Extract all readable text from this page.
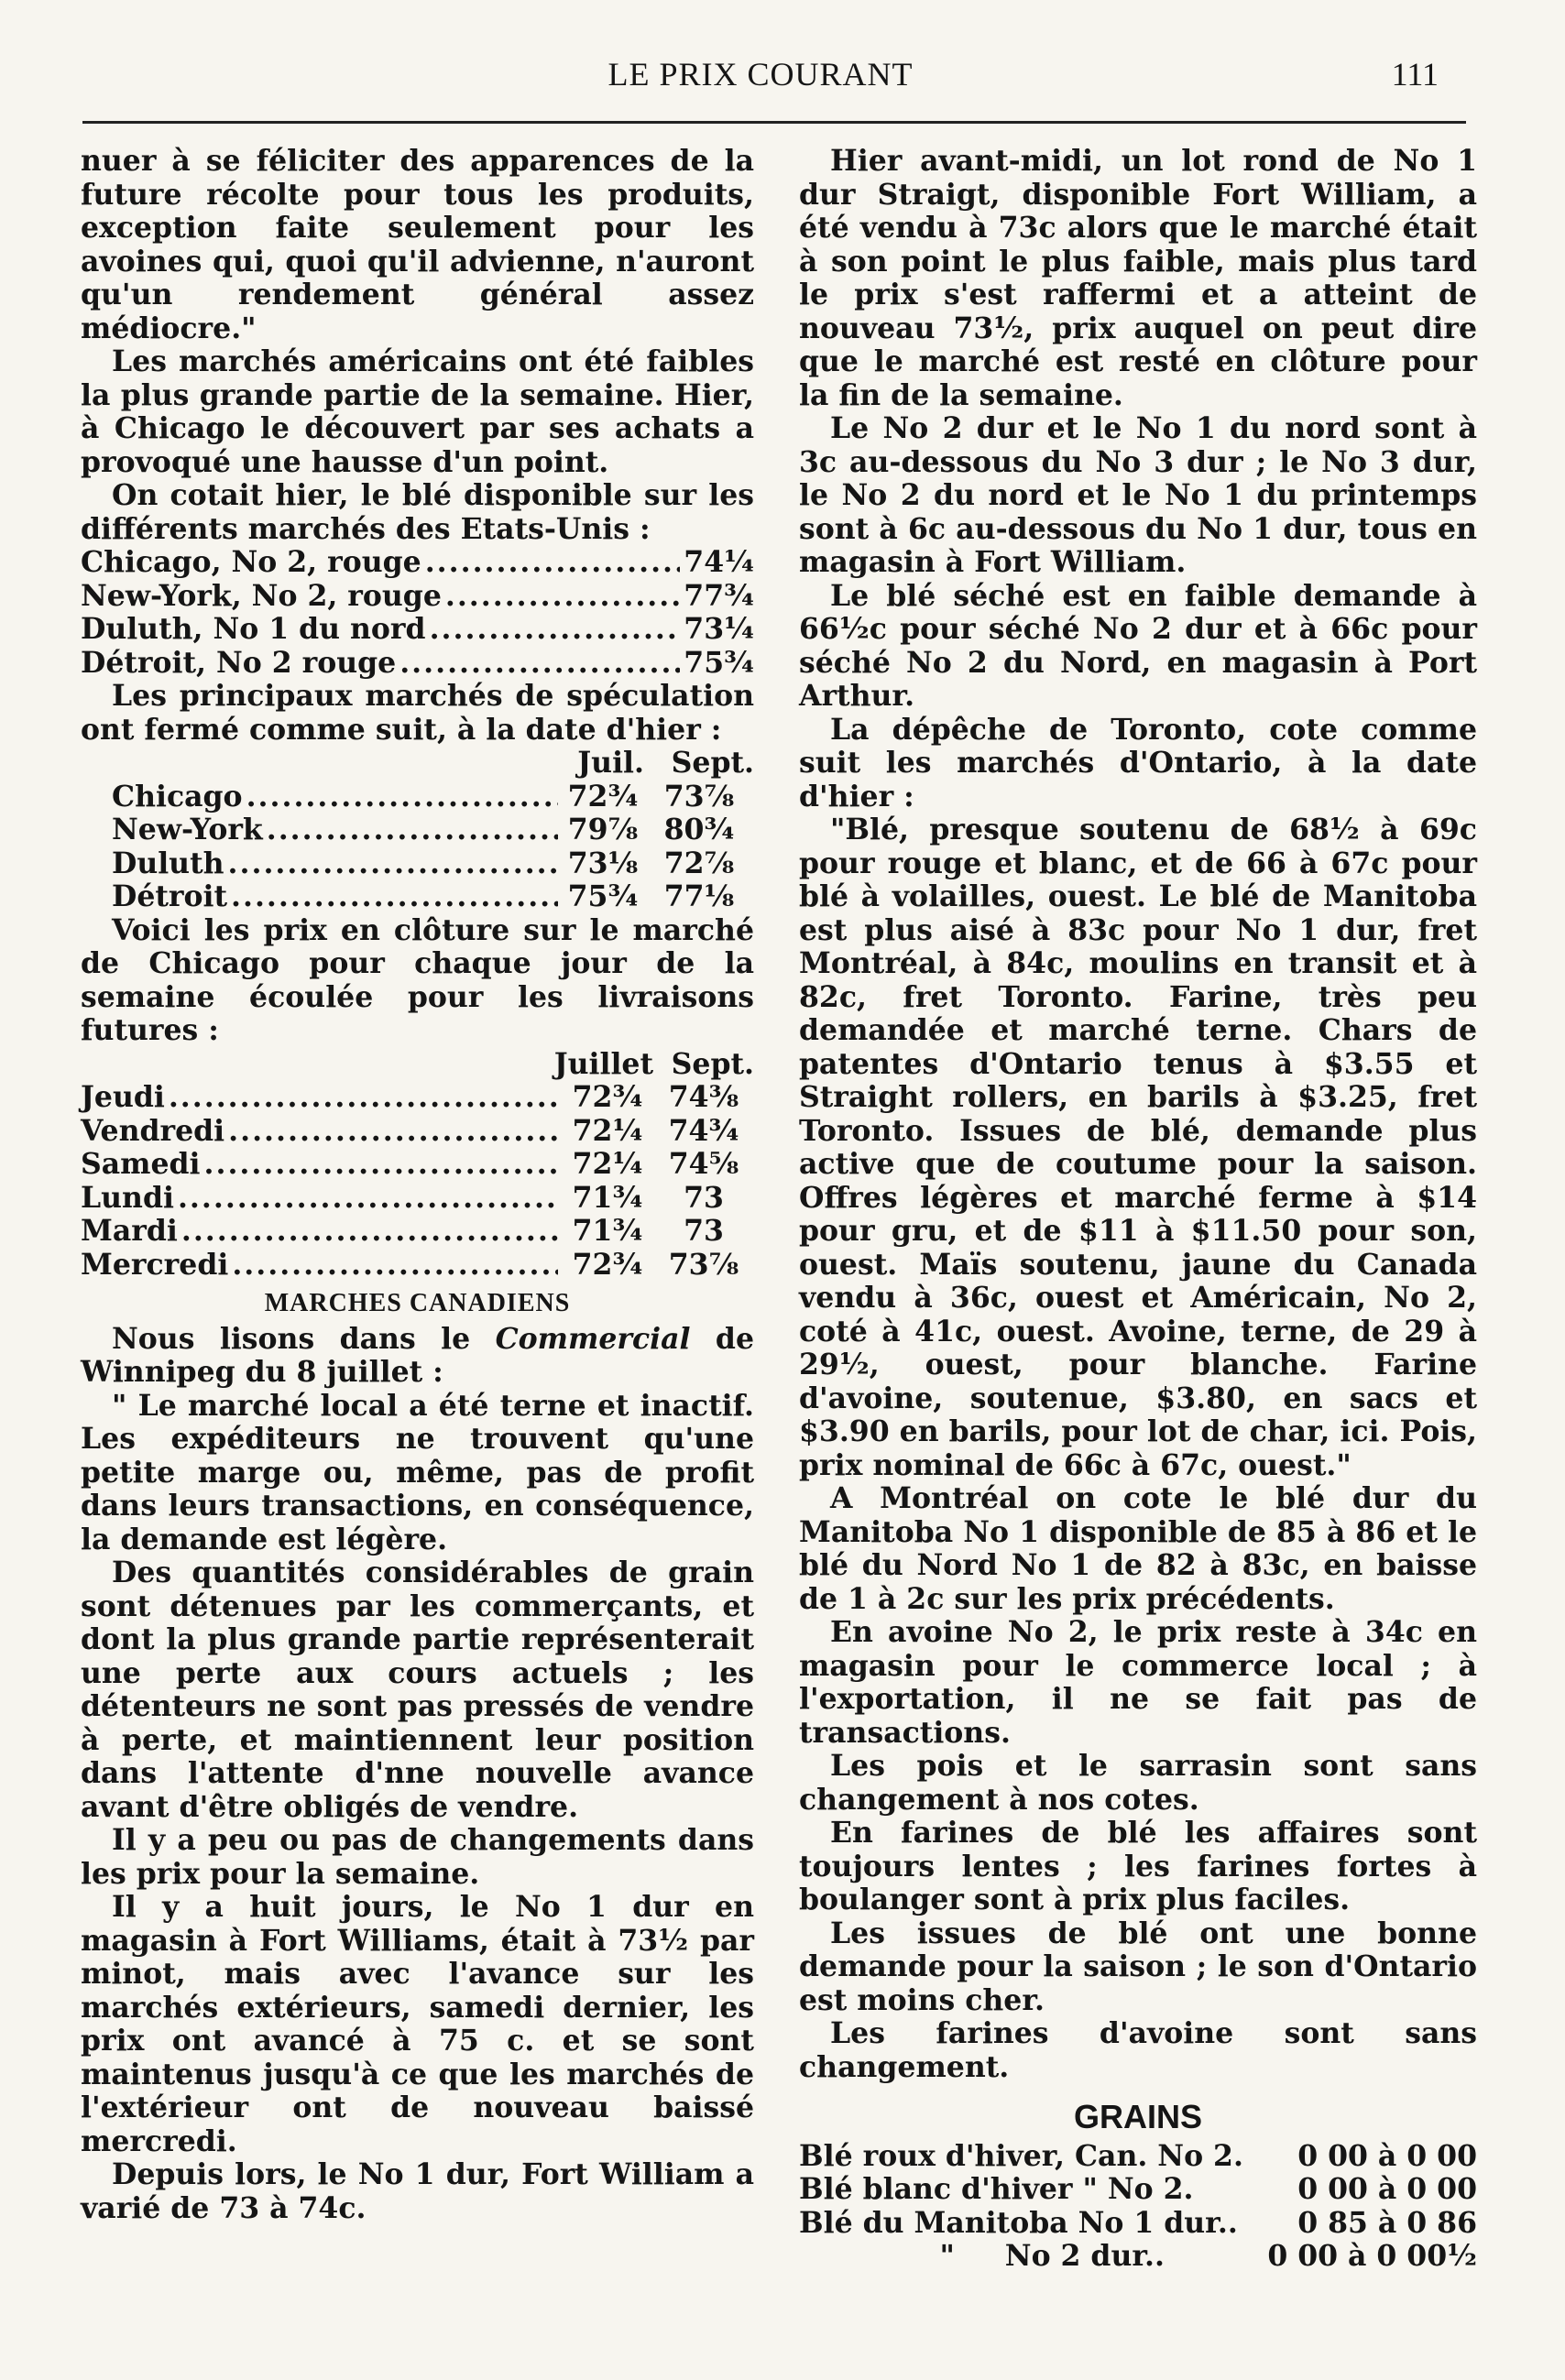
LE PRIX COURANT	111

nuer à se féliciter des apparences de la future récolte pour tous les produits, exception faite seulement pour les avoines qui, quoi qu'il advienne, n'auront qu'un rendement général assez médiocre."

Les marchés américains ont été faibles la plus grande partie de la semaine. Hier, à Chicago le découvert par ses achats a provoqué une hausse d'un point.

On cotait hier, le blé disponible sur les différents marchés des Etats-Unis :

Chicago, No 2, rouge .....	74¼
New-York, No 2, rouge .....	77¾
Duluth, No 1 du nord .....	73¼
Détroit, No 2 rouge .....	75¾

Les principaux marchés de spéculation ont fermé comme suit, à la date d'hier :

Juil. Sept.
Chicago .....	72¾ 73⅞
New-York .....	79⅞ 80¾
Duluth .....	73⅛ 72⅞
Détroit .....	75¾ 77⅛

Voici les prix en clôture sur le marché de Chicago pour chaque jour de la semaine écoulée pour les livraisons futures :

Juillet Sept.
Jeudi .....	72¾ 74⅜
Vendredi .....	72¼ 74¾
Samedi .....	72¼ 74⅝
Lundi .....	71¾	73
Mardi .....	71¾	73
Mercredi .....	72¾ 73⅞
MARCHES CANADIENS

Nous lisons dans le Commercial de Winnipeg du 8 juillet :

" Le marché local a été terne et inactif. Les expéditeurs ne trouvent qu'une petite marge ou, même, pas de profit dans leurs transactions, en conséquence, la demande est légère.

Des quantités considérables de grain sont détenues par les commerçants, et dont la plus grande partie représenterait une perte aux cours actuels ; les détenteurs ne sont pas pressés de vendre à perte, et maintiennent leur position dans l'attente d'nne nouvelle avance avant d'être obligés de vendre.

Il y a peu ou pas de changements dans les prix pour la semaine.

Il y a huit jours, le No 1 dur en magasin à Fort Williams, était à 73½ par minot, mais avec l'avance sur les marchés extérieurs, samedi dernier, les prix ont avancé à 75 c. et se sont maintenus jusqu'à ce que les marchés de l'extérieur ont de nouveau baissé mercredi.

Depuis lors, le No 1 dur, Fort William a varié de 73 à 74c.

Hier avant-midi, un lot rond de No 1 dur Straigt, disponible Fort William, a été vendu à 73c alors que le marché était à son point le plus faible, mais plus tard le prix s'est raffermi et a atteint de nouveau 73½, prix auquel on peut dire que le marché est resté en clôture pour la fin de la semaine.

Le No 2 dur et le No 1 du nord sont à 3c au-dessous du No 3 dur ; le No 3 dur, le No 2 du nord et le No 1 du printemps sont à 6c au-dessous du No 1 dur, tous en magasin à Fort William.

Le blé séché est en faible demande à 66½c pour séché No 2 dur et à 66c pour séché No 2 du Nord, en magasin à Port Arthur.

La dépêche de Toronto, cote comme suit les marchés d'Ontario, à la date d'hier :

"Blé, presque soutenu de 68½ à 69c pour rouge et blanc, et de 66 à 67c pour blé à volailles, ouest. Le blé de Manitoba est plus aisé à 83c pour No 1 dur, fret Montréal, à 84c, moulins en transit et à 82c, fret Toronto. Farine, très peu demandée et marché terne. Chars de patentes d'Ontario tenus à $3.55 et Straight rollers, en barils à $3.25, fret Toronto. Issues de blé, demande plus active que de coutume pour la saison. Offres légères et marché ferme à $14 pour gru, et de $11 à $11.50 pour son, ouest. Maïs soutenu, jaune du Canada vendu à 36c, ouest et Américain, No 2, coté à 41c, ouest. Avoine, terne, de 29 à 29½, ouest, pour blanche. Farine d'avoine, soutenue, $3.80, en sacs et $3.90 en barils, pour lot de char, ici. Pois, prix nominal de 66c à 67c, ouest."

A Montréal on cote le blé dur du Manitoba No 1 disponible de 85 à 86 et le blé du Nord No 1 de 82 à 83c, en baisse de 1 à 2c sur les prix précédents.

En avoine No 2, le prix reste à 34c en magasin pour le commerce local ; à l'exportation, il ne se fait pas de transactions.

Les pois et le sarrasin sont sans changement à nos cotes.

En farines de blé les affaires sont toujours lentes ; les farines fortes à boulanger sont à prix plus faciles.

Les issues de blé ont une bonne demande pour la saison ; le son d'Ontario est moins cher.

Les farines d'avoine sont sans changement.

GRAINS
Blé roux d'hiver, Can. No 2.	0 00 à 0 00
Blé blanc d'hiver " No 2.	0 00 à 0 00
Blé du Manitoba No 1 dur..	0 85 à 0 86
"     No 2 dur..	0 00 à 0 00½
